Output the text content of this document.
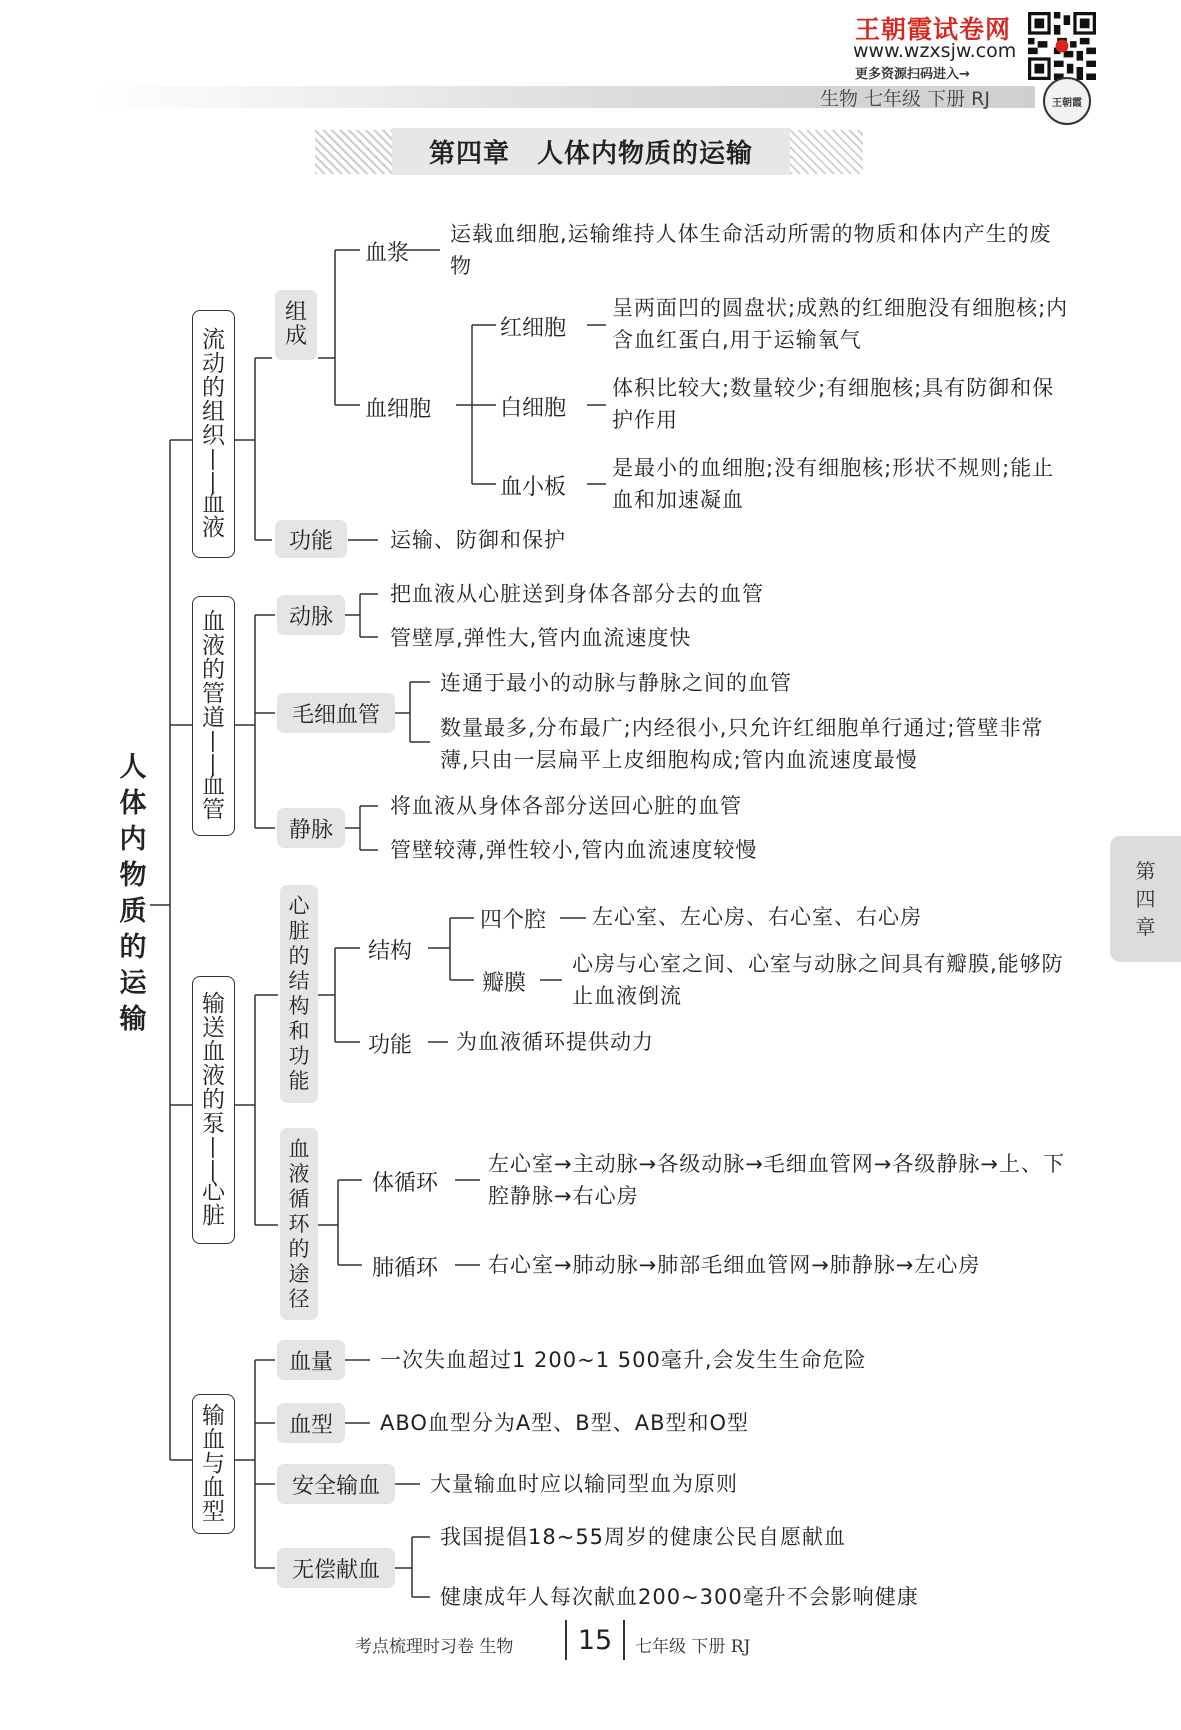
王朝霞试卷网
www.wzxsjw.com
更多资源扫码进入→
生物 七年级 下册 RJ	王朝霞
第四章　人体内物质的运输
人体内物质的运输
流
动
的
组
织
——
血
液
血
液
的
管
道
——
血
管
输
送
血
液
的
泵
——
心
脏
输
血
与
血
型
组
成
血浆
运载血细胞,运输维持人体生命活动所需的物质和体内产生的废物
血细胞
红细胞
呈两面凹的圆盘状;成熟的红细胞没有细胞核;内含血红蛋白,用于运输氧气
白细胞
体积比较大;数量较少;有细胞核;具有防御和保护作用
血小板
是最小的血细胞;没有细胞核;形状不规则;能止血和加速凝血
功能	运输、防御和保护
动脉
把血液从心脏送到身体各部分去的血管
管壁厚,弹性大,管内血流速度快
毛细血管
连通于最小的动脉与静脉之间的血管
数量最多,分布最广;内经很小,只允许红细胞单行通过;管壁非常薄,只由一层扁平上皮细胞构成;管内血流速度最慢
静脉
将血液从身体各部分送回心脏的血管
管壁较薄,弹性较小,管内血流速度较慢
心
脏
的
结
构
和
功
能
结构
四个腔 左心室、左心房、右心室、右心房
瓣膜
心房与心室之间、心室与动脉之间具有瓣膜,能够防止血液倒流
功能 为血液循环提供动力
血
液
循
环
的
途
径
体循环
左心室→主动脉→各级动脉→毛细血管网→各级静脉→上、下腔静脉→右心房
肺循环 右心室→肺动脉→肺部毛细血管网→肺静脉→左心房
血量	一次失血超过1 200~1 500毫升,会发生生命危险
血型	ABO血型分为A型、B型、AB型和O型
安全输血	大量输血时应以输同型血为原则
无偿献血
我国提倡18~55周岁的健康公民自愿献血
健康成年人每次献血200~300毫升不会影响健康
第
四
章
考点梳理时习卷 生物	15	七年级 下册 RJ
